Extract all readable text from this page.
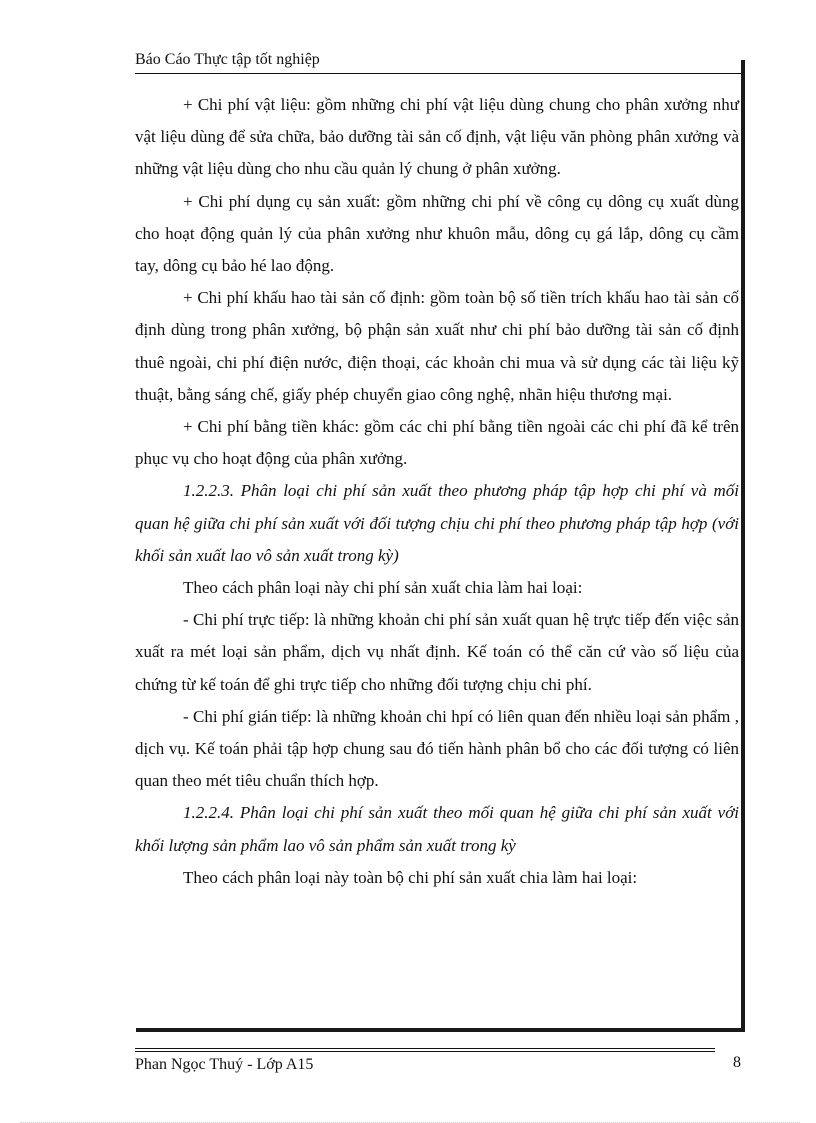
Báo Cáo Thực tập tốt nghiệp

+ Chi phí vật liệu: gồm những chi phí vật liệu dùng chung cho phân xưởng như vật liệu dùng để sửa chữa, bảo dưỡng tài sản cố định, vật liệu văn phòng phân xưởng và những vật liệu dùng cho nhu cầu quản lý chung ở phân xưởng.

+ Chi phí dụng cụ sản xuất: gồm những chi phí về công cụ dông cụ xuất dùng cho hoạt động quản lý của phân xưởng như khuôn mẫu, dông cụ gá lắp, dông cụ cầm tay, dông cụ bảo hé lao động.

+ Chi phí khấu hao tài sản cố định: gồm toàn bộ số tiền trích khấu hao tài sản cố định dùng trong phân xưởng, bộ phận sản xuất như chi phí bảo dưỡng tài sản cố định thuê ngoài, chi phí điện nước, điện thoại, các khoản chi mua và sử dụng các tài liệu kỹ thuật, bằng sáng chế, giấy phép chuyển giao công nghệ, nhãn hiệu thương mại.

+ Chi phí bằng tiền khác: gồm các chi phí bằng tiền ngoài các chi phí đã kể trên phục vụ cho hoạt động của phân xưởng.

1.2.2.3. Phân loại chi phí sản xuất theo phương pháp tập hợp chi phí và mối quan hệ giữa chi phí sản xuất với đối tượng chịu chi phí theo phương pháp tập hợp (với khối sản xuất lao vô sản xuất trong kỳ)

Theo cách phân loại này chi phí sản xuất chia làm hai loại:

- Chi phí trực tiếp: là những khoản chi phí sản xuất quan hệ trực tiếp đến việc sản xuất ra mét loại sản phẩm, dịch vụ nhất định. Kế toán có thể căn cứ vào số liệu của chứng từ kế toán để ghi trực tiếp cho những đối tượng chịu chi phí.

- Chi phí gián tiếp: là những khoản chi hpí có liên quan đến nhiều loại sản phẩm , dịch vụ. Kế toán phải tập hợp chung sau đó tiến hành phân bổ cho các đối tượng có liên quan theo mét tiêu chuẩn thích hợp.

1.2.2.4. Phân loại chi phí sản xuất theo mối quan hệ giữa chi phí sản xuất với khối lượng sản phẩm lao vô sản phẩm sản xuất trong kỳ

Theo cách phân loại này toàn bộ chi phí sản xuất chia làm hai loại:

Phan Ngọc Thuý - Lớp A15	8
